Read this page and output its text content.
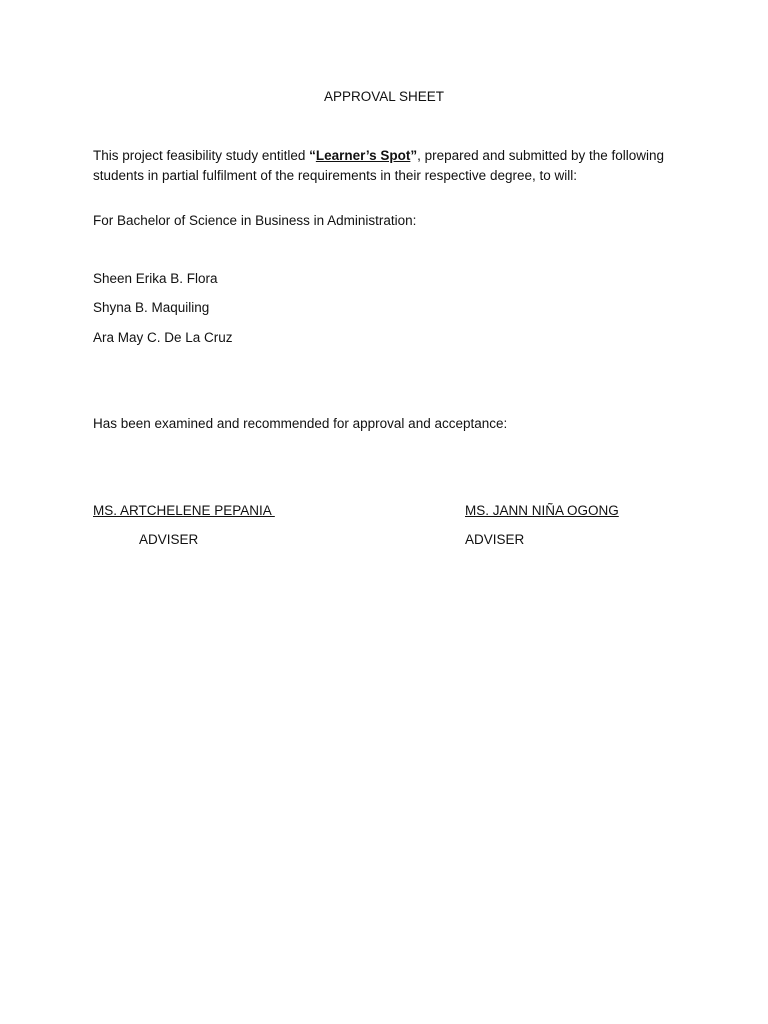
APPROVAL SHEET
This project feasibility study entitled “Learner’s Spot”, prepared and submitted by the following students in partial fulfilment of the requirements in their respective degree, to will:
For Bachelor of Science in Business in Administration:
Sheen Erika B. Flora
Shyna B. Maquiling
Ara May C. De La Cruz
Has been examined and recommended for approval and acceptance:
MS. ARTCHELENE PEPANIA
ADVISER
MS. JANN NIÑA OGONG
ADVISER
